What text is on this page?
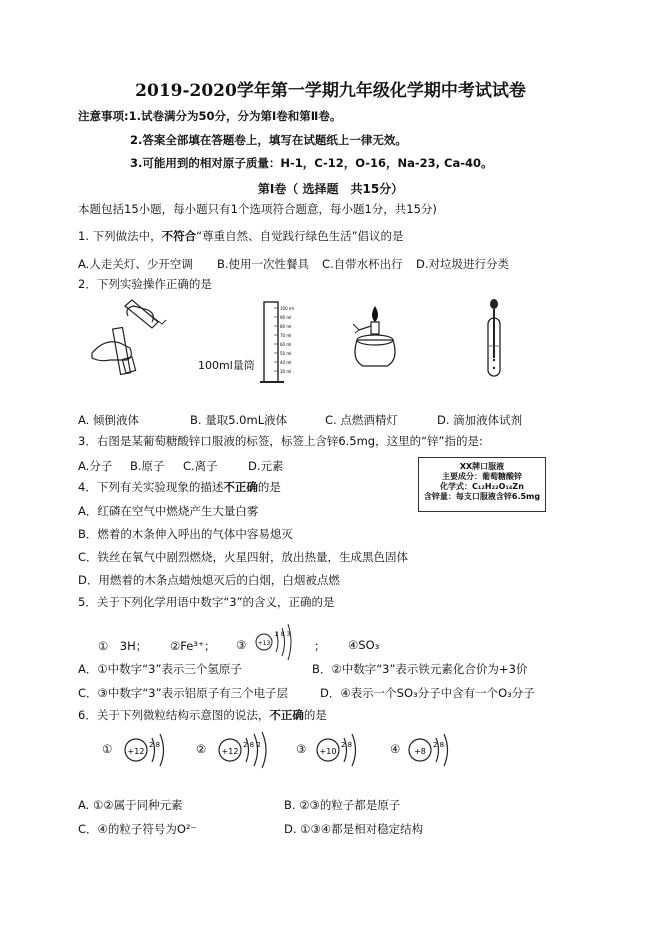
2019-2020学年第一学期九年级化学期中考试试卷
注意事项:1.试卷满分为50分，分为第Ⅰ卷和第Ⅱ卷。
2.答案全部填在答题卷上，填写在试题纸上一律无效。
3.可能用到的相对原子质量：H-1，C-12，O-16，Na-23, Ca-40。
第Ⅰ卷（ 选择题　共15分）
本题包括15小题，每小题只有1个选项符合题意，每小题1分，共15分)
1. 下列做法中，不符合“尊重自然、自觉践行绿色生活”倡议的是
A.人走关灯、少开空调 B.使用一次性餐具 C.自带水杯出行 D.对垃圾进行分类
2．下列实验操作正确的是
100 ml
90 ml
80 ml
70 ml
60 ml
50 ml
40 ml
30 ml
100ml量筒
A. 倾倒液体	B. 量取5.0mL液体	C. 点燃酒精灯	D. 滴加液体试剂
3．右图是某葡萄糖酸锌口服液的标签，标签上含锌6.5mg，这里的“锌”指的是:
A.分子 B.原子 C.离子	D.元素	XX牌口服液
主要成分：葡萄糖酸锌
化学式：C₁₂H₂₂O₁₄Zn
含锌量：每支口服液含锌6.5mg
4．下列有关实验现象的描述不正确的是
A．红磷在空气中燃烧产生大量白雾
B．燃着的木条伸入呼出的气体中容易熄灭
C．铁丝在氧气中剧烈燃烧，火星四射，放出热量，生成黑色固体
D．用燃着的木条点蜡烛熄灭后的白烟，白烟被点燃
5．关于下列化学用语中数字“3”的含义，正确的是
①　3H； ②Fe³⁺； ③ +13
2 8 3
； ④SO₃
A．①中数字“3”表示三个氢原子	B．②中数字“3”表示铁元素化合价为+3价
C．③中数字“3”表示铝原子有三个电子层	D．④表示一个SO₃分子中含有一个O₃分子
6．关于下列微粒结构示意图的说法，不正确的是
① +12
2 8	② +12
2 8 2	③ +10
2 8	④ +8
2 8
A. ①②属于同种元素	B. ②③的粒子都是原子
C．④的粒子符号为O²⁻	D. ①③④都是相对稳定结构
